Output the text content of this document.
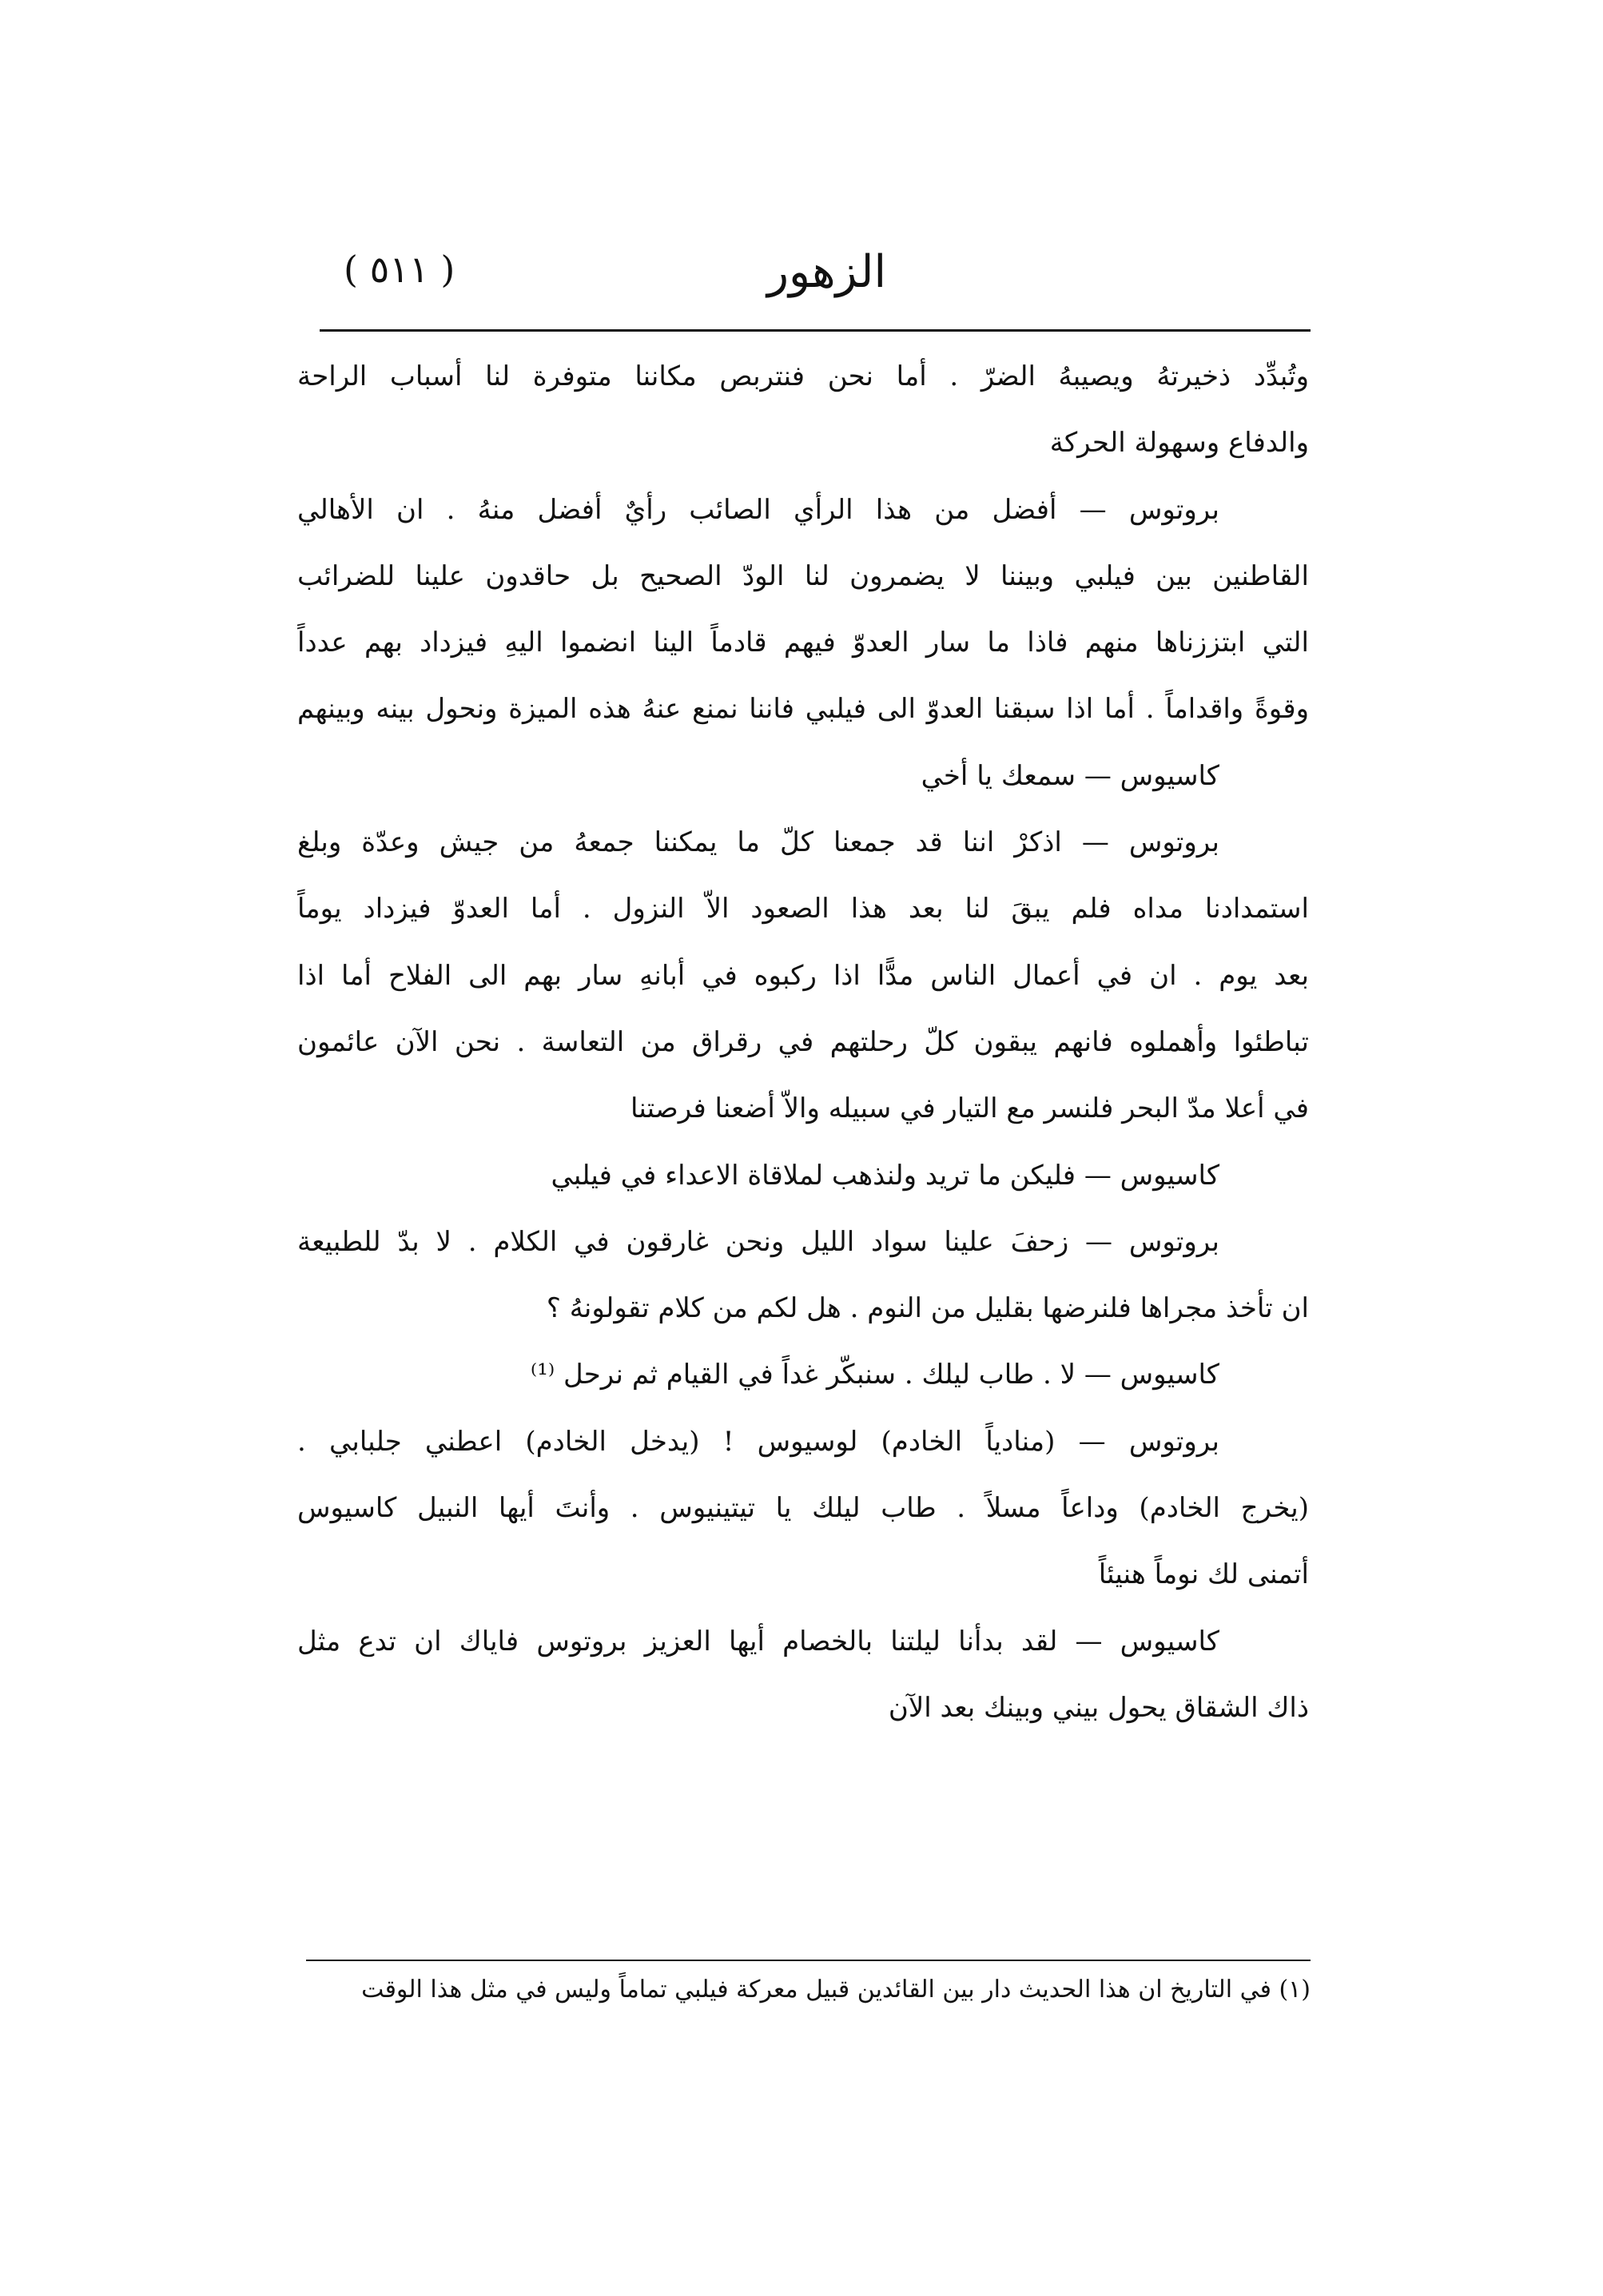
( ٥١١ )	الزهور
وتُبدِّد ذخيرتهُ ويصيبهُ الضرّ . أما نحن فنتربص مكاننا متوفرة لنا أسباب الراحة
والدفاع وسهولة الحركة
بروتوس — أفضل من هذا الرأي الصائب رأيٌ أفضل منهُ . ان الأهالي
القاطنين بين فيلبي وبيننا لا يضمرون لنا الودّ الصحيح بل حاقدون علينا للضرائب
التي ابتززناها منهم فاذا ما سار العدوّ فيهم قادماً الينا انضموا اليهِ فيزداد بهم عدداً
وقوةً واقداماً . أما اذا سبقنا العدوّ الى فيلبي فاننا نمنع عنهُ هذه الميزة ونحول بينه وبينهم
كاسيوس — سمعك يا أخي
بروتوس — اذكرْ اننا قد جمعنا كلّ ما يمكننا جمعهُ من جيش وعدّة وبلغ
استمدادنا مداه فلم يبقَ لنا بعد هذا الصعود الاّ النزول . أما العدوّ فيزداد يوماً
بعد يوم . ان في أعمال الناس مدًّا اذا ركبوه في أبانهِ سار بهم الى الفلاح أما اذا
تباطئوا وأهملوه فانهم يبقون كلّ رحلتهم في رقراق من التعاسة . نحن الآن عائمون
في أعلا مدّ البحر فلنسر مع التيار في سبيله والاّ أضعنا فرصتنا
كاسيوس — فليكن ما تريد ولنذهب لملاقاة الاعداء في فيلبي
بروتوس — زحفَ علينا سواد الليل ونحن غارقون في الكلام . لا بدّ للطبيعة
ان تأخذ مجراها فلنرضها بقليل من النوم . هل لكم من كلام تقولونهُ ؟
كاسيوس — لا . طاب ليلك . سنبكّر غداً في القيام ثم نرحل ⁽¹⁾
بروتوس — (منادياً الخادم) لوسيوس ! (يدخل الخادم) اعطني جلبابي .
(يخرج الخادم) وداعاً مسلاً . طاب ليلك يا تيتينيوس . وأنتَ أيها النبيل كاسيوس
أتمنى لك نوماً هنيئاً
كاسيوس — لقد بدأنا ليلتنا بالخصام أيها العزيز بروتوس فاياك ان تدع مثل
ذاك الشقاق يحول بيني وبينك بعد الآن
(١) في التاريخ ان هذا الحديث دار بين القائدين قبيل معركة فيلبي تماماً وليس في مثل هذا الوقت
